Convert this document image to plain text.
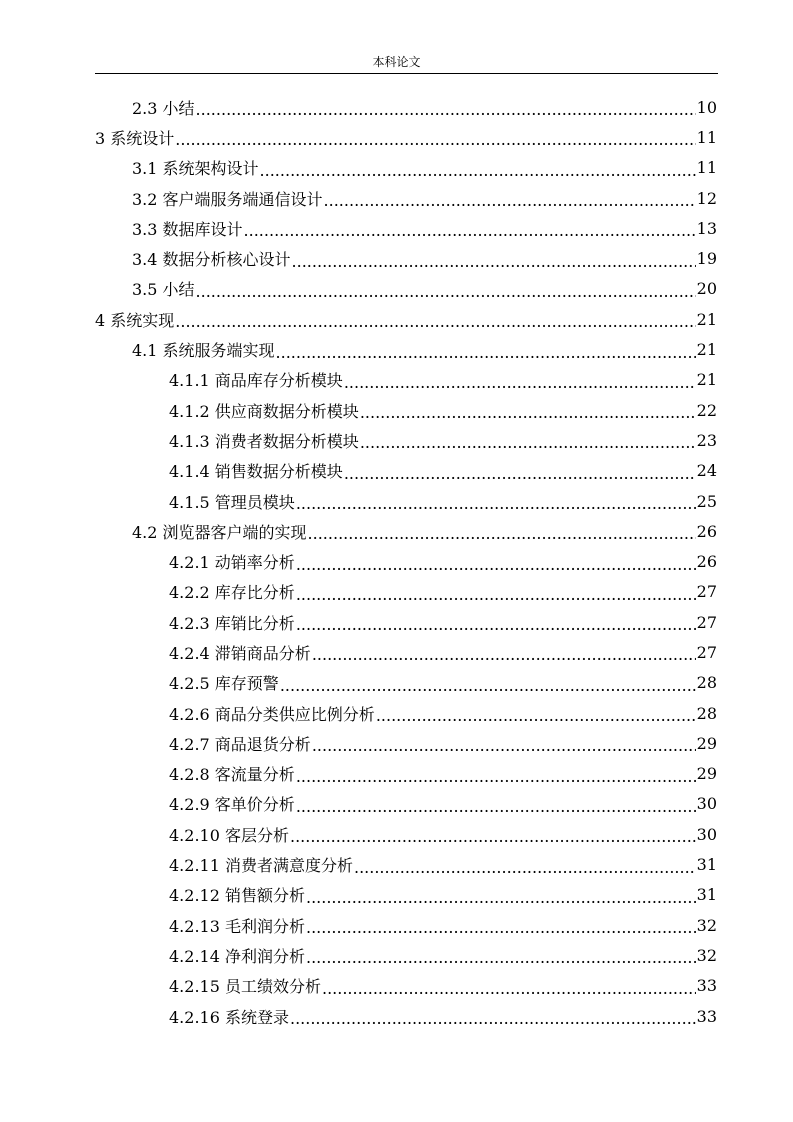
本科论文
2.3 小结 .....	10
3 系统设计 .....	11
3.1 系统架构设计 .....	11
3.2 客户端服务端通信设计 .....	12
3.3 数据库设计 .....	13
3.4 数据分析核心设计 .....	19
3.5 小结 .....	20
4 系统实现 .....	21
4.1 系统服务端实现 .....	21
4.1.1 商品库存分析模块 .....	21
4.1.2 供应商数据分析模块 .....	22
4.1.3 消费者数据分析模块 .....	23
4.1.4 销售数据分析模块 .....	24
4.1.5 管理员模块 .....	25
4.2 浏览器客户端的实现 .....	26
4.2.1 动销率分析 .....	26
4.2.2 库存比分析 .....	27
4.2.3 库销比分析 .....	27
4.2.4 滞销商品分析 .....	27
4.2.5 库存预警 .....	28
4.2.6 商品分类供应比例分析 .....	28
4.2.7 商品退货分析 .....	29
4.2.8 客流量分析 .....	29
4.2.9 客单价分析 .....	30
4.2.10 客层分析 .....	30
4.2.11 消费者满意度分析 .....	31
4.2.12 销售额分析 .....	31
4.2.13 毛利润分析 .....	32
4.2.14 净利润分析 .....	32
4.2.15 员工绩效分析 .....	33
4.2.16 系统登录 .....	33
